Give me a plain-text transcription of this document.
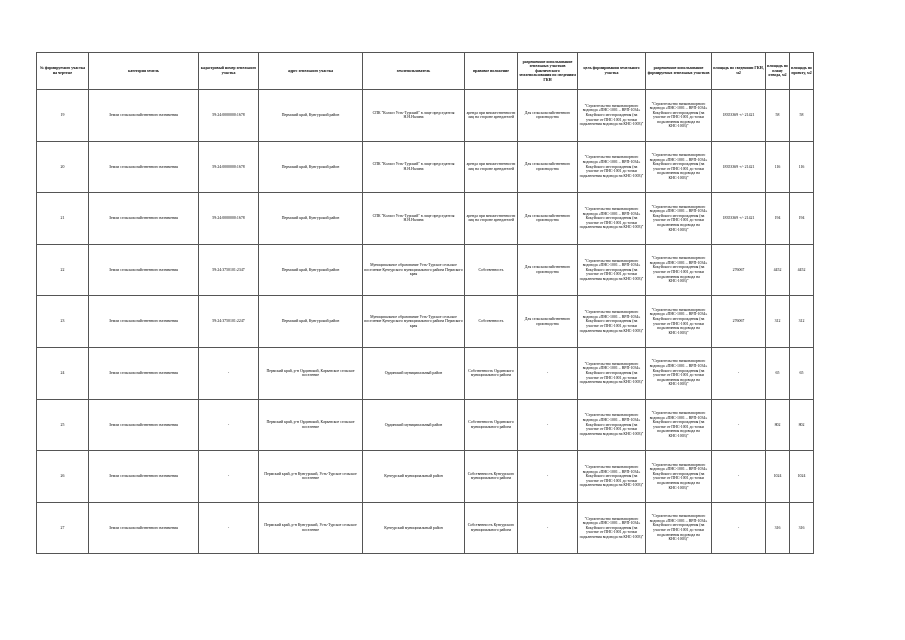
№ формируемого участка на чертеже	категория земель	кадастровый номер земельного участка	адрес земельного участка	землепользователь	правовое положение	разрешенное использование земельных участков фактического землепользования по сведениям ГКН	цель формирования земельного участка	разрешенное использование формируемых земельных участков	площадь по сведениям ГКН, м2	площадь по плану отвода, м2	площадь по проекту, м2

19	Земли сельскохозяйственного назначения	59:24:0000000:1678	Пермский край, Кунгурский район	СПК "Колхоз Усть-Турский" в лице председателя Н.Н.Налина	аренда при множественности лиц на стороне арендателей	Для сельскохозяйственного производства	"Строительство низконапорного водовода «ПНС-1001 – ВРП-1034» Кокуйского месторождения (на участке от ПНС-1001 до точки подключения водовода на КНС-1003)"	"Строительство низконапорного водовода «ПНС-1001 – ВРП-1034» Кокуйского месторождения (на участке от ПНС-1001 до точки подключения водовода на КНС-1003)"	18353369 +/- 21421	58	58

20	Земли сельскохозяйственного назначения	59:24:0000000:1678	Пермский край, Кунгурский район	СПК "Колхоз Усть-Турский" в лице председателя Н.Н.Налина	аренда при множественности лиц на стороне арендателей	Для сельскохозяйственного производства	"Строительство низконапорного водовода «ПНС-1001 – ВРП-1034» Кокуйского месторождения (на участке от ПНС-1001 до точки подключения водовода на КНС-1003)"	"Строительство низконапорного водовода «ПНС-1001 – ВРП-1034» Кокуйского месторождения (на участке от ПНС-1001 до точки подключения водовода на КНС-1003)"	18353369 +/- 21421	116	116

21	Земли сельскохозяйственного назначения	59:24:0000000:1678	Пермский край, Кунгурский район	СПК "Колхоз Усть-Турский" в лице председателя Н.Н.Налина	аренда при множественности лиц на стороне арендателей	Для сельскохозяйственного производства	"Строительство низконапорного водовода «ПНС-1001 – ВРП-1034» Кокуйского месторождения (на участке от ПНС-1001 до точки подключения водовода на КНС-1003)"	"Строительство низконапорного водовода «ПНС-1001 – ВРП-1034» Кокуйского месторождения (на участке от ПНС-1001 до точки подключения водовода на КНС-1003)"	18353369 +/- 21421	194	194

22	Земли сельскохозяйственного назначения	59:24:3750101:2347	Пермский край, Кунгурский район	Муниципальное образование Усть-Турское сельское поселение Кунгурского муниципального района Пермского края	Собственность	Для сельскохозяйственного производства	"Строительство низконапорного водовода «ПНС-1001 – ВРП-1034» Кокуйского месторождения (на участке от ПНС-1001 до точки подключения водовода на КНС-1003)"	"Строительство низконапорного водовода «ПНС-1001 – ВРП-1034» Кокуйского месторождения (на участке от ПНС-1001 до точки подключения водовода на КНС-1003)"	276067	4452	4452

23	Земли сельскохозяйственного назначения	59:24:3750101:2247	Пермский край, Кунгурский район	Муниципальное образование Усть-Турское сельское поселение Кунгурского муниципального района Пермского края	Собственность	Для сельскохозяйственного производства	"Строительство низконапорного водовода «ПНС-1001 – ВРП-1034» Кокуйского месторождения (на участке от ПНС-1001 до точки подключения водовода на КНС-1003)"	"Строительство низконапорного водовода «ПНС-1001 – ВРП-1034» Кокуйского месторождения (на участке от ПНС-1001 до точки подключения водовода на КНС-1003)"	276067	312	312

24	Земли сельскохозяйственного назначения	-	Пермский край, р-н Ординский, Карьевское сельское поселение	Ординский муниципальный район	Собственность Ординского муниципального района	-	"Строительство низконапорного водовода «ПНС-1001 – ВРП-1034» Кокуйского месторождения (на участке от ПНС-1001 до точки подключения водовода на КНС-1003)"	"Строительство низконапорного водовода «ПНС-1001 – ВРП-1034» Кокуйского месторождения (на участке от ПНС-1001 до точки подключения водовода на КНС-1003)"	-	65	65

25	Земли сельскохозяйственного назначения	-	Пермский край, р-н Ординский, Карьевское сельское поселение	Ординский муниципальный район	Собственность Ординского муниципального района	-	"Строительство низконапорного водовода «ПНС-1001 – ВРП-1034» Кокуйского месторождения (на участке от ПНС-1001 до точки подключения водовода на КНС-1003)"	"Строительство низконапорного водовода «ПНС-1001 – ВРП-1034» Кокуйского месторождения (на участке от ПНС-1001 до точки подключения водовода на КНС-1003)"	-	802	802

26	Земли сельскохозяйственного назначения	-	Пермский край, р-н Кунгурский, Усть-Турское сельское поселение	Кунгурский муниципальный район	Собственность Кунгурского муниципального района	-	"Строительство низконапорного водовода «ПНС-1001 – ВРП-1034» Кокуйского месторождения (на участке от ПНС-1001 до точки подключения водовода на КНС-1003)"	"Строительство низконапорного водовода «ПНС-1001 – ВРП-1034» Кокуйского месторождения (на участке от ПНС-1001 до точки подключения водовода на КНС-1003)"	-	1024	1024

27	Земли сельскохозяйственного назначения	-	Пермский край, р-н Кунгурский, Усть-Турское сельское поселение	Кунгурский муниципальный район	Собственность Кунгурского муниципального района	-	"Строительство низконапорного водовода «ПНС-1001 – ВРП-1034» Кокуйского месторождения (на участке от ПНС-1001 до точки подключения водовода на КНС-1003)"	"Строительство низконапорного водовода «ПНС-1001 – ВРП-1034» Кокуйского месторождения (на участке от ПНС-1001 до точки подключения водовода на КНС-1003)"	-	316	316
